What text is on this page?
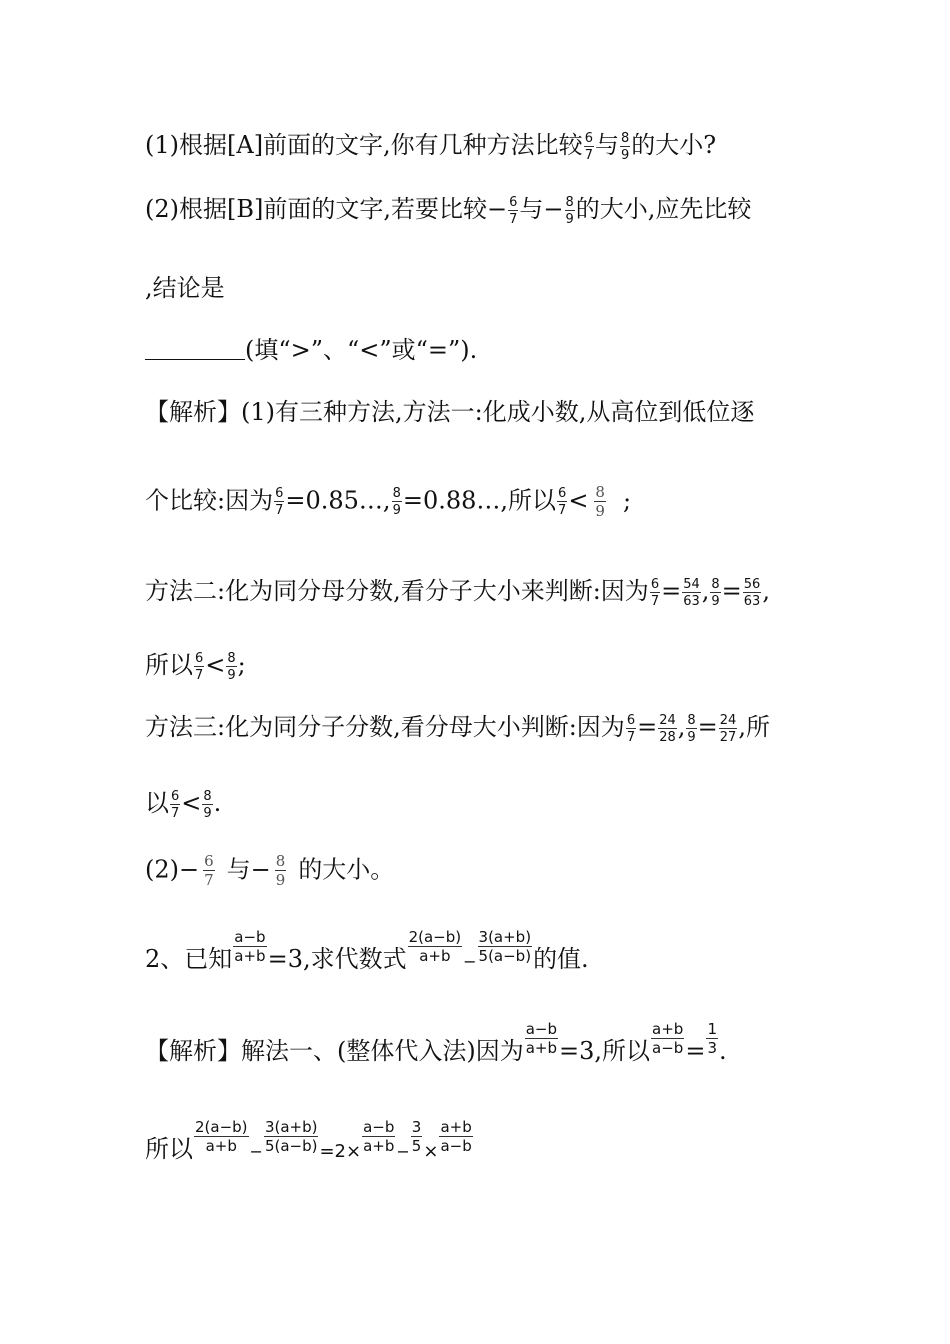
(1)根据[A]前面的文字,你有几种方法比较 $\frac{6}{7}$ 与 $\frac{8}{9}$ 的大小?
(2)根据[B]前面的文字,若要比较− $\frac{6}{7}$ 与− $\frac{8}{9}$ 的大小,应先比较
,结论是
(填“>”、“<”或“=”).
【解析】(1)有三种方法,方法一:化成小数,从高位到低位逐
个比较:因为 $\frac{6}{7}$ =0.85…, $\frac{8}{9}$ =0.88…,所以 $\frac{6}{7} < \frac{8}{9}$ ;
方法二:化为同分母分数,看分子大小来判断:因为 $\frac{6}{7} = \frac{54}{63}$ , $\frac{8}{9} = \frac{56}{63}$ ,
所以 $\frac{6}{7} < \frac{8}{9}$ ;
方法三:化为同分子分数,看分母大小判断:因为 $\frac{6}{7} = \frac{24}{28}$ , $\frac{8}{9} = \frac{24}{27}$ ,所
以 $\frac{6}{7} < \frac{8}{9}$ .
$(2)- \frac{6}{7}$ 与− $\frac{8}{9}$ 的大小。
2、已知 $\frac{a-b}{a+b} =3$,求代数式 $\frac{2(a-b)}{a+b} - \frac{3(a+b)}{5(a-b)}$ 的值.
【解析】解法一、(整体代入法)因为 $\frac{a-b}{a+b} =3$,所以 $\frac{a+b}{a-b} = \frac{1}{3}$ .
所以 $\frac{2(a-b)}{a+b} - \frac{3(a+b)}{5(a-b)} =2\times \frac{a-b}{a+b} - \frac{3}{5} \times \frac{a+b}{a-b}$
